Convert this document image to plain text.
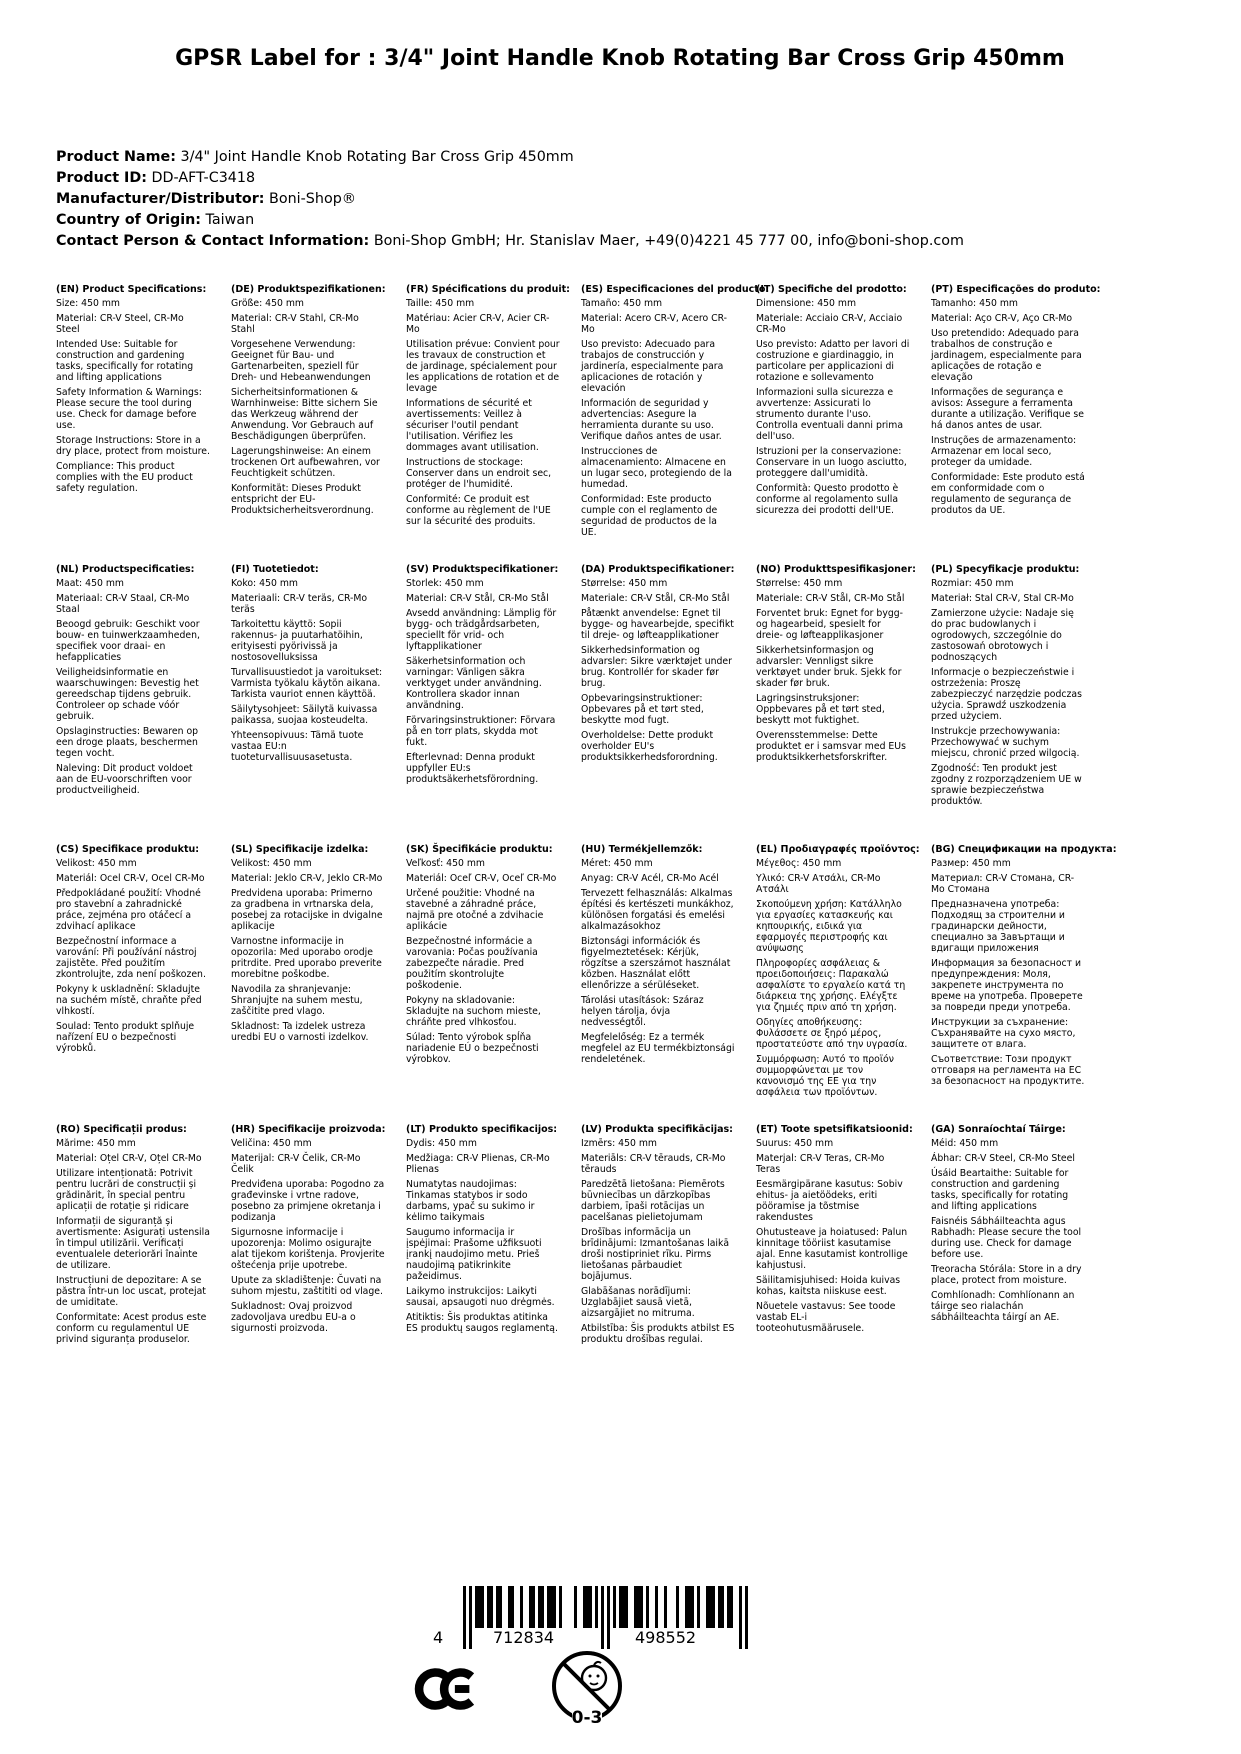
GPSR Label for : 3/4" Joint Handle Knob Rotating Bar Cross Grip 450mm
Product Name: 3/4" Joint Handle Knob Rotating Bar Cross Grip 450mm
Product ID: DD-AFT-C3418
Manufacturer/Distributor: Boni-Shop®
Country of Origin: Taiwan
Contact Person & Contact Information: Boni-Shop GmbH; Hr. Stanislav Maer, +49(0)4221 45 777 00, info@boni-shop.com
(EN) Product Specifications:

Size: 450 mm

Material: CR-V Steel, CR-Mo Steel

Intended Use: Suitable for construction and gardening tasks, specifically for rotating and lifting applications

Safety Information & Warnings: Please secure the tool during use. Check for damage before use.

Storage Instructions: Store in a dry place, protect from moisture.

Compliance: This product complies with the EU product safety regulation.

(DE) Produktspezifikationen:

Größe: 450 mm

Material: CR-V Stahl, CR-Mo Stahl

Vorgesehene Verwendung: Geeignet für Bau- und Gartenarbeiten, speziell für Dreh- und Hebeanwendungen

Sicherheitsinformationen & Warnhinweise: Bitte sichern Sie das Werkzeug während der Anwendung. Vor Gebrauch auf Beschädigungen überprüfen.

Lagerungshinweise: An einem trockenen Ort aufbewahren, vor Feuchtigkeit schützen.

Konformität: Dieses Produkt entspricht der EU-Produktsicherheitsverordnung.

(FR) Spécifications du produit:

Taille: 450 mm

Matériau: Acier CR-V, Acier CR-Mo

Utilisation prévue: Convient pour les travaux de construction et de jardinage, spécialement pour les applications de rotation et de levage

Informations de sécurité et avertissements: Veillez à sécuriser l'outil pendant l'utilisation. Vérifiez les dommages avant utilisation.

Instructions de stockage: Conserver dans un endroit sec, protéger de l'humidité.

Conformité: Ce produit est conforme au règlement de l'UE sur la sécurité des produits.

(ES) Especificaciones del producto:

Tamaño: 450 mm

Material: Acero CR-V, Acero CR-Mo

Uso previsto: Adecuado para trabajos de construcción y jardinería, especialmente para aplicaciones de rotación y elevación

Información de seguridad y advertencias: Asegure la herramienta durante su uso. Verifique daños antes de usar.

Instrucciones de almacenamiento: Almacene en un lugar seco, protegiendo de la humedad.

Conformidad: Este producto cumple con el reglamento de seguridad de productos de la UE.

(IT) Specifiche del prodotto:

Dimensione: 450 mm

Materiale: Acciaio CR-V, Acciaio CR-Mo

Uso previsto: Adatto per lavori di costruzione e giardinaggio, in particolare per applicazioni di rotazione e sollevamento

Informazioni sulla sicurezza e avvertenze: Assicurati lo strumento durante l'uso. Controlla eventuali danni prima dell'uso.

Istruzioni per la conservazione: Conservare in un luogo asciutto, proteggere dall'umidità.

Conformità: Questo prodotto è conforme al regolamento sulla sicurezza dei prodotti dell'UE.

(PT) Especificações do produto:

Tamanho: 450 mm

Material: Aço CR-V, Aço CR-Mo

Uso pretendido: Adequado para trabalhos de construção e jardinagem, especialmente para aplicações de rotação e elevação

Informações de segurança e avisos: Assegure a ferramenta durante a utilização. Verifique se há danos antes de usar.

Instruções de armazenamento: Armazenar em local seco, proteger da umidade.

Conformidade: Este produto está em conformidade com o regulamento de segurança de produtos da UE.

(NL) Productspecificaties:

Maat: 450 mm

Materiaal: CR-V Staal, CR-Mo Staal

Beoogd gebruik: Geschikt voor bouw- en tuinwerkzaamheden, specifiek voor draai- en hefapplicaties

Veiligheidsinformatie en waarschuwingen: Bevestig het gereedschap tijdens gebruik. Controleer op schade vóór gebruik.

Opslaginstructies: Bewaren op een droge plaats, beschermen tegen vocht.

Naleving: Dit product voldoet aan de EU-voorschriften voor productveiligheid.

(FI) Tuotetiedot:

Koko: 450 mm

Materiaali: CR-V teräs, CR-Mo teräs

Tarkoitettu käyttö: Sopii rakennus- ja puutarhatöihin, erityisesti pyörivissä ja nostosovelluksissa

Turvallisuustiedot ja varoitukset: Varmista työkalu käytön aikana. Tarkista vauriot ennen käyttöä.

Säilytysohjeet: Säilytä kuivassa paikassa, suojaa kosteudelta.

Yhteensopivuus: Tämä tuote vastaa EU:n tuoteturvallisuusasetusta.

(SV) Produktspecifikationer:

Storlek: 450 mm

Material: CR-V Stål, CR-Mo Stål

Avsedd användning: Lämplig för bygg- och trädgårdsarbeten, speciellt för vrid- och lyftapplikationer

Säkerhetsinformation och varningar: Vänligen säkra verktyget under användning. Kontrollera skador innan användning.

Förvaringsinstruktioner: Förvara på en torr plats, skydda mot fukt.

Efterlevnad: Denna produkt uppfyller EU:s produktsäkerhetsförordning.

(DA) Produktspecifikationer:

Størrelse: 450 mm

Materiale: CR-V Stål, CR-Mo Stål

Påtænkt anvendelse: Egnet til bygge- og havearbejde, specifikt til dreje- og løfteapplikationer

Sikkerhedsinformation og advarsler: Sikre værktøjet under brug. Kontrollér for skader før brug.

Opbevaringsinstruktioner: Opbevares på et tørt sted, beskytte mod fugt.

Overholdelse: Dette produkt overholder EU's produktsikkerhedsforordning.

(NO) Produkttspesifikasjoner:

Størrelse: 450 mm

Materiale: CR-V Stål, CR-Mo Stål

Forventet bruk: Egnet for bygg- og hagearbeid, spesielt for dreie- og løfteapplikasjoner

Sikkerhetsinformasjon og advarsler: Vennligst sikre verktøyet under bruk. Sjekk for skader før bruk.

Lagringsinstruksjoner: Oppbevares på et tørt sted, beskytt mot fuktighet.

Overensstemmelse: Dette produktet er i samsvar med EUs produktsikkerhetsforskrifter.

(PL) Specyfikacje produktu:

Rozmiar: 450 mm

Materiał: Stal CR-V, Stal CR-Mo

Zamierzone użycie: Nadaje się do prac budowlanych i ogrodowych, szczególnie do zastosowań obrotowych i podnoszących

Informacje o bezpieczeństwie i ostrzeżenia: Proszę zabezpieczyć narzędzie podczas użycia. Sprawdź uszkodzenia przed użyciem.

Instrukcje przechowywania: Przechowywać w suchym miejscu, chronić przed wilgocią.

Zgodność: Ten produkt jest zgodny z rozporządzeniem UE w sprawie bezpieczeństwa produktów.

(CS) Specifikace produktu:

Velikost: 450 mm

Materiál: Ocel CR-V, Ocel CR-Mo

Předpokládané použití: Vhodné pro stavební a zahradnické práce, zejména pro otáčecí a zdvihací aplikace

Bezpečnostní informace a varování: Při používání nástroj zajistěte. Před použitím zkontrolujte, zda není poškozen.

Pokyny k uskladnění: Skladujte na suchém místě, chraňte před vlhkostí.

Soulad: Tento produkt splňuje nařízení EU o bezpečnosti výrobků.

(SL) Specifikacije izdelka:

Velikost: 450 mm

Material: Jeklo CR-V, Jeklo CR-Mo

Predvidena uporaba: Primerno za gradbena in vrtnarska dela, posebej za rotacijske in dvigalne aplikacije

Varnostne informacije in opozorila: Med uporabo orodje pritrdite. Pred uporabo preverite morebitne poškodbe.

Navodila za shranjevanje: Shranjujte na suhem mestu, zaščitite pred vlago.

Skladnost: Ta izdelek ustreza uredbi EU o varnosti izdelkov.

(SK) Špecifikácie produktu:

Veľkosť: 450 mm

Materiál: Oceľ CR-V, Oceľ CR-Mo

Určené použitie: Vhodné na stavebné a záhradné práce, najmä pre otočné a zdvihacie aplikácie

Bezpečnostné informácie a varovania: Počas používania zabezpečte náradie. Pred použitím skontrolujte poškodenie.

Pokyny na skladovanie: Skladujte na suchom mieste, chráňte pred vlhkosťou.

Súlad: Tento výrobok spĺňa nariadenie EÚ o bezpečnosti výrobkov.

(HU) Termékjellemzők:

Méret: 450 mm

Anyag: CR-V Acél, CR-Mo Acél

Tervezett felhasználás: Alkalmas építési és kertészeti munkákhoz, különösen forgatási és emelési alkalmazásokhoz

Biztonsági információk és figyelmeztetések: Kérjük, rögzítse a szerszámot használat közben. Használat előtt ellenőrizze a sérüléseket.

Tárolási utasítások: Száraz helyen tárolja, óvja nedvességtől.

Megfelelőség: Ez a termék megfelel az EU termékbiztonsági rendeletének.

(EL) Προδιαγραφές προϊόντος:

Μέγεθος: 450 mm

Υλικό: CR-V Ατσάλι, CR-Mo Ατσάλι

Σκοπούμενη χρήση: Κατάλληλο για εργασίες κατασκευής και κηπουρικής, ειδικά για εφαρμογές περιστροφής και ανύψωσης

Πληροφορίες ασφάλειας & προειδοποιήσεις: Παρακαλώ ασφαλίστε το εργαλείο κατά τη διάρκεια της χρήσης. Ελέγξτε για ζημιές πριν από τη χρήση.

Οδηγίες αποθήκευσης: Φυλάσσετε σε ξηρό μέρος, προστατεύστε από την υγρασία.

Συμμόρφωση: Αυτό το προϊόν συμμορφώνεται με τον κανονισμό της ΕΕ για την ασφάλεια των προϊόντων.

(BG) Спецификации на продукта:

Размер: 450 mm

Материал: CR-V Стомана, CR-Mo Стомана

Предназначена употреба: Подходящ за строителни и градинарски дейности, специално за Завъртащи и вдигащи приложения

Информация за безопасност и предупреждения: Моля, закрепете инструмента по време на употреба. Проверете за повреди преди употреба.

Инструкции за съхранение: Съхранявайте на сухо място, защитете от влага.

Съответствие: Този продукт отговаря на регламента на ЕС за безопасност на продуктите.

(RO) Specificații produs:

Mărime: 450 mm

Material: Oțel CR-V, Oțel CR-Mo

Utilizare intenționată: Potrivit pentru lucrări de construcții și grădinărit, în special pentru aplicații de rotație și ridicare

Informații de siguranță și avertismente: Asigurați ustensila în timpul utilizării. Verificați eventualele deteriorări înainte de utilizare.

Instrucțiuni de depozitare: A se păstra într-un loc uscat, protejat de umiditate.

Conformitate: Acest produs este conform cu regulamentul UE privind siguranța produselor.

(HR) Specifikacije proizvoda:

Veličina: 450 mm

Materijal: CR-V Čelik, CR-Mo Čelik

Predviđena uporaba: Pogodno za građevinske i vrtne radove, posebno za primjene okretanja i podizanja

Sigurnosne informacije i upozorenja: Molimo osigurajte alat tijekom korištenja. Provjerite oštećenja prije upotrebe.

Upute za skladištenje: Čuvati na suhom mjestu, zaštititi od vlage.

Sukladnost: Ovaj proizvod zadovoljava uredbu EU-a o sigurnosti proizvoda.

(LT) Produkto specifikacijos:

Dydis: 450 mm

Medžiaga: CR-V Plienas, CR-Mo Plienas

Numatytas naudojimas: Tinkamas statybos ir sodo darbams, ypač su sukimo ir kėlimo taikymais

Saugumo informacija ir įspėjimai: Prašome užfiksuoti įrankį naudojimo metu. Prieš naudojimą patikrinkite pažeidimus.

Laikymo instrukcijos: Laikyti sausai, apsaugoti nuo drėgmės.

Atitiktis: Šis produktas atitinka ES produktų saugos reglamentą.

(LV) Produkta specifikācijas:

Izmērs: 450 mm

Materiāls: CR-V tērauds, CR-Mo tērauds

Paredzētā lietošana: Piemērots būvniecības un dārzkopības darbiem, īpaši rotācijas un pacelšanas pielietojumam

Drošības informācija un brīdinājumi: Izmantošanas laikā droši nostipriniet rīku. Pirms lietošanas pārbaudiet bojājumus.

Glabāšanas norādījumi: Uzglabājiet sausā vietā, aizsargājiet no mitruma.

Atbilstība: Šis produkts atbilst ES produktu drošības regulai.

(ET) Toote spetsifikatsioonid:

Suurus: 450 mm

Materjal: CR-V Teras, CR-Mo Teras

Eesmärgipärane kasutus: Sobiv ehitus- ja aietöödeks, eriti pööramise ja tõstmise rakendustes

Ohutusteave ja hoiatused: Palun kinnitage tööriist kasutamise ajal. Enne kasutamist kontrollige kahjustusi.

Säilitamisjuhised: Hoida kuivas kohas, kaitsta niiskuse eest.

Nõuetele vastavus: See toode vastab EL-i tooteohutusmäärusele.

(GA) Sonraíochtaí Táirge:

Méid: 450 mm

Ábhar: CR-V Steel, CR-Mo Steel

Úsáid Beartaithe: Suitable for construction and gardening tasks, specifically for rotating and lifting applications

Faisnéis Sábháilteachta agus Rabhadh: Please secure the tool during use. Check for damage before use.

Treoracha Stórála: Store in a dry place, protect from moisture.

Comhlíonadh: Comhlíonann an táirge seo rialachán sábháilteachta táirgí an AE.

4	712834	498552
0-3
